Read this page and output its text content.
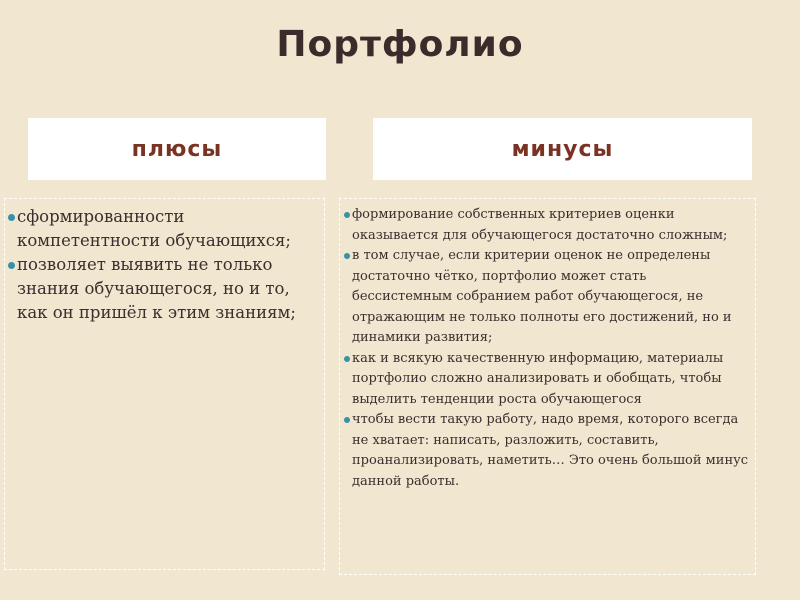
Портфолио
плюсы	минусы
сформированности компетентности обучающихся;
позволяет выявить не только знания обучающегося, но и то, как он пришёл к этим знаниям;
формирование собственных критериев оценки оказывается для обучающегося достаточно сложным;
в том случае, если критерии оценок не определены достаточно чётко, портфолио может стать бессистемным собранием работ обучающегося, не отражающим не только полноты его достижений, но и динамики развития;
как и всякую качественную информацию, материалы портфолио сложно анализировать и обобщать, чтобы выделить тенденции роста обучающегося
чтобы вести такую работу, надо время, которого всегда не хватает: написать, разложить, составить, проанализировать, наметить… Это очень большой минус данной работы.
